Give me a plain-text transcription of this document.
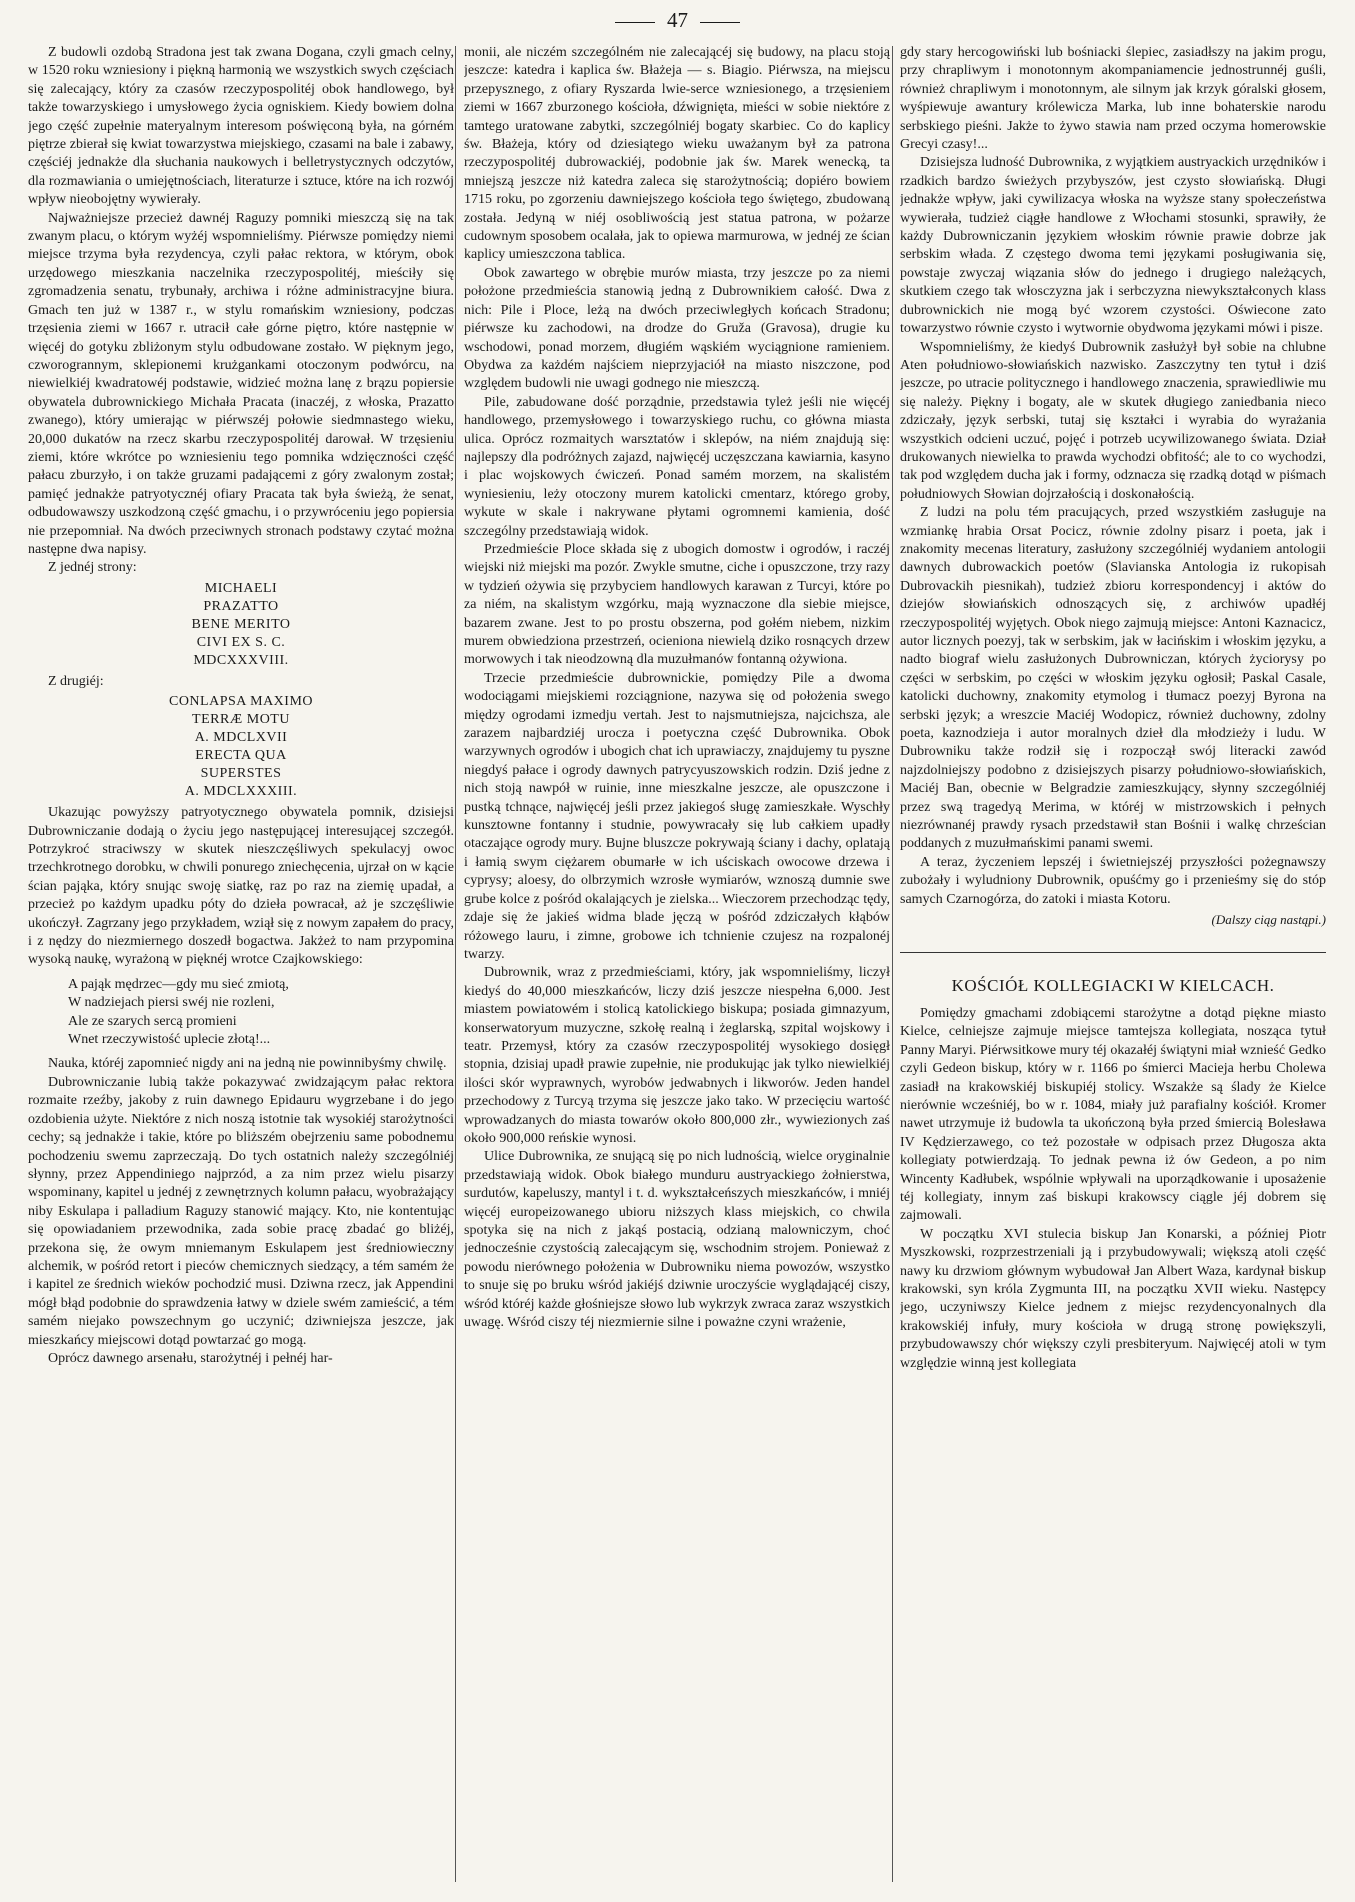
47

Z budowli ozdobą Stradona jest tak zwana Dogana, czyli gmach celny, w 1520 roku wzniesiony i piękną harmonią we wszystkich swych częściach się zalecający, który za czasów rzeczypospolitéj obok handlowego, był także towarzyskiego i umysłowego życia ogniskiem. Kiedy bowiem dolna jego część zupełnie materyalnym interesom poświęconą była, na górném piętrze zbierał się kwiat towarzystwa miejskiego, czasami na bale i zabawy, częściéj jednakże dla słuchania naukowych i belletrystycznych odczytów, dla rozmawiania o umiejętnościach, literaturze i sztuce, które na ich rozwój wpływ nieobojętny wywierały.

Najważniejsze przecież dawnéj Raguzy pomniki mieszczą się na tak zwanym placu, o którym wyżéj wspomnieliśmy. Piérwsze pomiędzy niemi miejsce trzyma była rezydencya, czyli pałac rektora, w którym, obok urzędowego mieszkania naczelnika rzeczypospolitéj, mieściły się zgromadzenia senatu, trybunały, archiwa i różne administracyjne biura. Gmach ten już w 1387 r., w stylu romańskim wzniesiony, podczas trzęsienia ziemi w 1667 r. utracił całe górne piętro, które następnie w więcéj do gotyku zbliżonym stylu odbudowane zostało. W pięknym jego, czworogrannym, sklepionemi krużgankami otoczonym podwórcu, na niewielkiéj kwadratowéj podstawie, widzieć można lanę z brązu popiersie obywatela dubrownickiego Michała Pracata (inaczéj, z włoska, Prazatto zwanego), który umierając w piérwszéj połowie siedmnastego wieku, 20,000 dukatów na rzecz skarbu rzeczypospolitéj darował. W trzęsieniu ziemi, które wkrótce po wzniesieniu tego pomnika wdzięczności część pałacu zburzyło, i on także gruzami padającemi z góry zwalonym został; pamięć jednakże patryotycznéj ofiary Pracata tak była świeżą, że senat, odbudowawszy uszkodzoną część gmachu, i o przywróceniu jego popiersia nie przepomniał. Na dwóch przeciwnych stronach podstawy czytać można następne dwa napisy.

Z jednéj strony:

MICHAELI
PRAZATTO
BENE MERITO
CIVI EX S. C.
MDCXXXVIII.

Z drugiéj:

CONLAPSA MAXIMO
TERRÆ MOTU
A. MDCLXVII
ERECTA QUA
SUPERSTES
A. MDCLXXXIII.

Ukazując powyższy patryotycznego obywatela pomnik, dzisiejsi Dubrowniczanie dodają o życiu jego następującej interesującej szczegół. Potrzykroć straciwszy w skutek nieszczęśliwych spekulacyj owoc trzechkrotnego dorobku, w chwili ponurego zniechęcenia, ujrzał on w kącie ścian pająka, który snując swoję siatkę, raz po raz na ziemię upadał, a przecież po każdym upadku póty do dzieła powracał, aż je szczęśliwie ukończył. Zagrzany jego przykładem, wziął się z nowym zapałem do pracy, i z nędzy do niezmiernego doszedł bogactwa. Jakżeż to nam przypomina wysoką naukę, wyrażoną w pięknéj wrotce Czajkowskiego:

A pająk mędrzec—gdy mu sieć zmiotą,
W nadziejach piersi swéj nie rozleni,
Ale ze szarych sercą promieni
Wnet rzeczywistość uplecie złotą!...

Nauka, któréj zapomnieć nigdy ani na jedną nie powinnibyśmy chwilę.

Dubrowniczanie lubią także pokazywać zwidzającym pałac rektora rozmaite rzeźby, jakoby z ruin dawnego Epidauru wygrzebane i do jego ozdobienia użyte. Niektóre z nich noszą istotnie tak wysokiéj starożytności cechy; są jednakże i takie, które po bliższém obejrzeniu same pobodnemu pochodzeniu swemu zaprzeczają. Do tych ostatnich należy szczególniéj słynny, przez Appendiniego najprzód, a za nim przez wielu pisarzy wspominany, kapitel u jednéj z zewnętrznych kolumn pałacu, wyobrażający niby Eskulapa i palladium Raguzy stanowić mający. Kto, nie kontentując się opowiadaniem przewodnika, zada sobie pracę zbadać go bliżéj, przekona się, że owym mniemanym Eskulapem jest średniowieczny alchemik, w pośród retort i pieców chemicznych siedzący, a tém samém że i kapitel ze średnich wieków pochodzić musi. Dziwna rzecz, jak Appendini mógł błąd podobnie do sprawdzenia łatwy w dziele swém zamieścić, a tém samém niejako powszechnym go uczynić; dziwniejsza jeszcze, jak mieszkańcy miejscowi dotąd powtarzać go mogą.

Oprócz dawnego arsenału, starożytnéj i pełnéj har-

monii, ale niczém szczególném nie zalecającéj się budowy, na placu stoją jeszcze: katedra i kaplica św. Błażeja — s. Biagio. Piérwsza, na miejscu przepysznego, z ofiary Ryszarda lwie-serce wzniesionego, a trzęsieniem ziemi w 1667 zburzonego kościoła, dźwignięta, mieści w sobie niektóre z tamtego uratowane zabytki, szczególniéj bogaty skarbiec. Co do kaplicy św. Błażeja, który od dziesiątego wieku uważanym był za patrona rzeczypospolitéj dubrowackiéj, podobnie jak św. Marek wenecką, ta mniejszą jeszcze niż katedra zaleca się starożytnością; dopiéro bowiem 1715 roku, po zgorzeniu dawniejszego kościoła tego świętego, zbudowaną została. Jedyną w niéj osobliwością jest statua patrona, w pożarze cudownym sposobem ocalała, jak to opiewa marmurowa, w jednéj ze ścian kaplicy umieszczona tablica.

Obok zawartego w obrębie murów miasta, trzy jeszcze po za niemi położone przedmieścia stanowią jedną z Dubrownikiem całość. Dwa z nich: Pile i Ploce, leżą na dwóch przeciwległych końcach Stradonu; piérwsze ku zachodowi, na drodze do Gruža (Gravosa), drugie ku wschodowi, ponad morzem, długiém wąskiém wyciągnione ramieniem. Obydwa za każdém najściem nieprzyjaciół na miasto niszczone, pod względem budowli nie uwagi godnego nie mieszczą.

Pile, zabudowane dość porządnie, przedstawia tyleż jeśli nie więcéj handlowego, przemysłowego i towarzyskiego ruchu, co główna miasta ulica. Oprócz rozmaitych warsztatów i sklepów, na niém znajdują się: najlepszy dla podróżnych zajazd, najwięcéj uczęszczana kawiarnia, kasyno i plac wojskowych ćwiczeń. Ponad samém morzem, na skalistém wyniesieniu, leży otoczony murem katolicki cmentarz, którego groby, wykute w skale i nakrywane płytami ogromnemi kamienia, dość szczególny przedstawiają widok.

Przedmieście Ploce składa się z ubogich domostw i ogrodów, i raczéj wiejski niż miejski ma pozór. Zwykle smutne, ciche i opuszczone, trzy razy w tydzień ożywia się przybyciem handlowych karawan z Turcyi, które po za niém, na skalistym wzgórku, mają wyznaczone dla siebie miejsce, bazarem zwane. Jest to po prostu obszerna, pod gołém niebem, nizkim murem obwiedziona przestrzeń, ocieniona niewielą dzikо rosnących drzew morwowych i tak nieodzowną dla muzułmanów fontanną ożywiona.

Trzecie przedmieście dubrownickie, pomiędzy Pile a dwoma wodociągami miejskiemi rozciągnione, nazywa się od położenia swego między ogrodami izmedju vertah. Jest to najsmutniejsza, najcichsza, ale zarazem najbardziéj urocza i poetyczna część Dubrownika. Obok warzywnych ogrodów i ubogich chat ich uprawiaczy, znajdujemy tu pyszne niegdyś pałace i ogrody dawnych patrycyuszowskich rodzin. Dziś jedne z nich stoją nawpół w ruinie, inne mieszkalne jeszcze, ale opuszczone i pustką tchnące, najwięcéj jeśli przez jakiegoś sługę zamieszkałe. Wyschły kunsztowne fontanny i studnie, powywracały się lub całkiem upadły otaczające ogrody mury. Bujne bluszcze pokrywają ściany i dachy, oplatają i łamią swym ciężarem obumarłe w ich uściskach owocowe drzewa i cyprysy; aloesy, do olbrzymich wzrosłe wymiarów, wznoszą dumnie swe grube kolce z pośród okalających je zielska... Wieczorem przechodząc tędy, zdaje się że jakieś widma blade jęczą w pośród zdziczałych kłąbów różowego lauru, i zimne, grobowe ich tchnienie czujesz na rozpalonéj twarzy.

Dubrownik, wraz z przedmieściami, który, jak wspomnieliśmy, liczył kiedyś do 40,000 mieszkańców, liczy dziś jeszcze niespełna 6,000. Jest miastem powiatowém i stolicą katolickiego biskupa; posiada gimnazyum, konserwatoryum muzyczne, szkołę realną i żeglarską, szpital wojskowy i teatr. Przemysł, który za czasów rzeczypospolitéj wysokiego dosięgł stopnia, dzisiaj upadł prawie zupełnie, nie produkując jak tylko niewielkiéj ilości skór wyprawnych, wyrobów jedwabnych i likworów. Jeden handel przechodowy z Turcyą trzyma się jeszcze jako tako. W przecięciu wartość wprowadzanych do miasta towarów około 800,000 złr., wywiezionych zaś około 900,000 reńskie wynosi.

Ulice Dubrownika, ze snującą się po nich ludnością, wielce oryginalnie przedstawiają widok. Obok białego munduru austryackiego żołnierstwa, surdutów, kapeluszy, mantyl i t. d. wykształceńszych mieszkańców, i mniéj więcéj europeizowanego ubioru niższych klass miejskich, co chwila spotyka się na nich z jakąś postacią, odzianą malowniczym, choć jednocześnie czystością zalecającym się, wschodnim strojem. Ponieważ z powodu nierównego położenia w Dubrowniku niema powozów, wszystko to snuje się po bruku wśród jakiéjś dziwnie uroczyście wyglądającéj ciszy, wśród któréj każde głośniejsze słowo lub wykrzyk zwraca zaraz wszystkich uwagę. Wśród ciszy téj niezmiernie silne i poważne czyni wrażenie,

gdy stary hercogowiński lub bośniacki ślepiec, zasiadłszy na jakim progu, przy chrapliwym i monotonnym akompaniamencie jednostrunnéj guśli, również chrapliwym i monotonnym, ale silnym jak krzyk góralski głosem, wyśpiewuje awantury królewicza Marka, lub inne bohaterskie narodu serbskiego pieśni. Jakże to żywo stawia nam przed oczyma homerowskie Grecyi czasy!...

Dzisiejsza ludność Dubrownika, z wyjątkiem austryackich urzędników i rzadkich bardzo świeżych przybyszów, jest czysto słowiańską. Długi jednakże wpływ, jaki cywilizacya włoska na wyższe stany społeczeństwa wywierała, tudzież ciągłe handlowe z Włochami stosunki, sprawiły, że każdy Dubrowniczanin językiem włoskim równie prawie dobrze jak serbskim włada. Z częstego dwoma temi językami posługiwania się, powstaje zwyczaj wiązania słów do jednego i drugiego należących, skutkiem czego tak włosczyzna jak i serbczyzna niewykształconych klass dubrownickich nie mogą być wzorem czystości. Oświecone zato towarzystwo równie czysto i wytwornie obydwoma językami mówi i pisze.

Wspomnieliśmy, że kiedyś Dubrownik zasłużył był sobie na chlubne Aten południowo-słowiańskich nazwisko. Zaszczytny ten tytuł i dziś jeszcze, po utracie politycznego i handlowego znaczenia, sprawiedliwie mu się należy. Piękny i bogaty, ale w skutek długiego zaniedbania nieco zdziczały, język serbski, tutaj się kształci i wyrabia do wyrażania wszystkich odcieni uczuć, pojęć i potrzeb ucywilizowanego świata. Dział drukowanych niewielka to prawda wychodzi obfitość; ale to co wychodzi, tak pod względem ducha jak i formy, odznacza się rzadką dotąd w piśmach południowych Słowian dojrzałością i doskonałością.

Z ludzi na polu tém pracujących, przed wszystkiém zasługuje na wzmiankę hrabia Orsat Pocicz, równie zdolny pisarz i poeta, jak i znakomity mecenas literatury, zasłużony szczególniéj wydaniem antologii dawnych dubrowackich poetów (Slavianska Antologia iz rukopisah Dubrovackih piesnikah), tudzież zbioru korrespondencyj i aktów do dziejów słowiańskich odnoszących się, z archiwów upadłéj rzeczypospolitéj wyjętych. Obok niego zajmują miejsce: Antoni Kaznacicz, autor licznych poezyj, tak w serbskim, jak w łacińskim i włoskim języku, a nadto biograf wielu zasłużonych Dubrowniczan, których życiorysy po części w serbskim, po części w włoskim języku ogłosił; Paskal Casale, katolicki duchowny, znakomity etymolog i tłumacz poezyj Byrona na serbski język; a wreszcie Maciéj Wodopicz, również duchowny, zdolny poeta, kaznodzieja i autor moralnych dzieł dla młodzieży i ludu. W Dubrowniku także rodził się i rozpoczął swój literacki zawód najzdolniejszy podobno z dzisiejszych pisarzy południowo-słowiańskich, Maciéj Ban, obecnie w Belgradzie zamieszkujący, słynny szczególniéj przez swą tragedyą Merima, w któréj w mistrzowskich i pełnych niezrównanéj prawdy rysach przedstawił stan Bośnii i walkę chrześcian poddanych z muzułmańskimi panami swemi.

A teraz, życzeniem lepszéj i świetniejszéj przyszłości pożegnawszy zubożały i wyludniony Dubrownik, opuśćmy go i przenieśmy się do stóp samych Czarnogórza, do zatoki i miasta Kotoru.

(Dalszy ciąg nastąpi.)
KOŚCIÓŁ KOLLEGIACKI W KIELCACH.

Pomiędzy gmachami zdobiącemi starożytne a dotąd piękne miasto Kielce, celniejsze zajmuje miejsce tamtejsza kollegiata, nosząca tytuł Panny Maryi. Piérwsitkowe mury téj okazałéj świątyni miał wznieść Gedko czyli Gedeon biskup, który w r. 1166 po śmierci Macieja herbu Cholewa zasiadł na krakowskiéj biskupiéj stolicy. Wszakże są ślady że Kielce nierównie wcześniéj, bo w r. 1084, miały już parafialny kościół. Kromer nawet utrzymuje iż budowla ta ukończoną była przed śmiercią Bolesława IV Kędzierzawego, co też pozostałe w odpisach przez Długosza akta kollegiaty potwierdzają. To jednak pewna iż ów Gedeon, a po nim Wincenty Kadłubek, wspólnie wpływali na uporządkowanie i uposażenie téj kollegiaty, innym zaś biskupi krakowscy ciągle jéj dobrem się zajmowali.

W początku XVI stulecia biskup Jan Konarski, a później Piotr Myszkowski, rozprzestrzeniali ją i przybudowywali; większą atoli część nawy ku drzwiom głównym wybudował Jan Albert Waza, kardynał biskup krakowski, syn króla Zygmunta III, na początku XVII wieku. Następcy jego, uczyniwszy Kielce jednem z miejsc rezydencyonalnych dla krakowskiéj infuły, mury kościoła w drugą stronę powiększyli, przybudowawszy chór większy czyli presbiteryum. Najwięcéj atoli w tym względzie winną jest kollegiata
